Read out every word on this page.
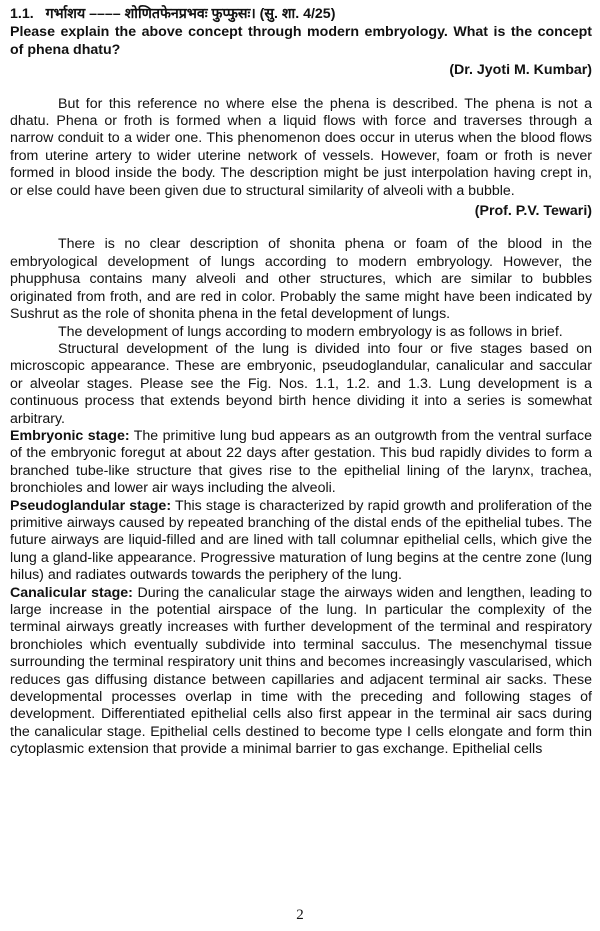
1.1. गर्भाशय –––– शोणितफेनप्रभवः फुप्फुसः। (सु. शा. 4/25)

Please explain the above concept through modern embryology. What is the concept of phena dhatu?

(Dr. Jyoti M. Kumbar)

But for this reference no where else the phena is described. The phena is not a dhatu. Phena or froth is formed when a liquid flows with force and traverses through a narrow conduit to a wider one. This phenomenon does occur in uterus when the blood flows from uterine artery to wider uterine network of vessels. However, foam or froth is never formed in blood inside the body. The description might be just interpolation having crept in, or else could have been given due to structural similarity of alveoli with a bubble.

(Prof. P.V. Tewari)

There is no clear description of shonita phena or foam of the blood in the embryological development of lungs according to modern embryology. However, the phupphusa contains many alveoli and other structures, which are similar to bubbles originated from froth, and are red in color. Probably the same might have been indicated by Sushrut as the role of shonita phena in the fetal development of lungs.

The development of lungs according to modern embryology is as follows in brief.

Structural development of the lung is divided into four or five stages based on microscopic appearance. These are embryonic, pseudoglandular, canalicular and saccular or alveolar stages. Please see the Fig. Nos. 1.1, 1.2. and 1.3. Lung development is a continuous process that extends beyond birth hence dividing it into a series is somewhat arbitrary.

Embryonic stage: The primitive lung bud appears as an outgrowth from the ventral surface of the embryonic foregut at about 22 days after gestation. This bud rapidly divides to form a branched tube-like structure that gives rise to the epithelial lining of the larynx, trachea, bronchioles and lower air ways including the alveoli.

Pseudoglandular stage: This stage is characterized by rapid growth and proliferation of the primitive airways caused by repeated branching of the distal ends of the epithelial tubes. The future airways are liquid-filled and are lined with tall columnar epithelial cells, which give the lung a gland-like appearance. Progressive maturation of lung begins at the centre zone (lung hilus) and radiates outwards towards the periphery of the lung.

Canalicular stage: During the canalicular stage the airways widen and lengthen, leading to large increase in the potential airspace of the lung. In particular the complexity of the terminal airways greatly increases with further development of the terminal and respiratory bronchioles which eventually subdivide into terminal sacculus. The mesenchymal tissue surrounding the terminal respiratory unit thins and becomes increasingly vascularised, which reduces gas diffusing distance between capillaries and adjacent terminal air sacks. These developmental processes overlap in time with the preceding and following stages of development. Differentiated epithelial cells also first appear in the terminal air sacs during the canalicular stage. Epithelial cells destined to become type I cells elongate and form thin cytoplasmic extension that provide a minimal barrier to gas exchange. Epithelial cells

2
